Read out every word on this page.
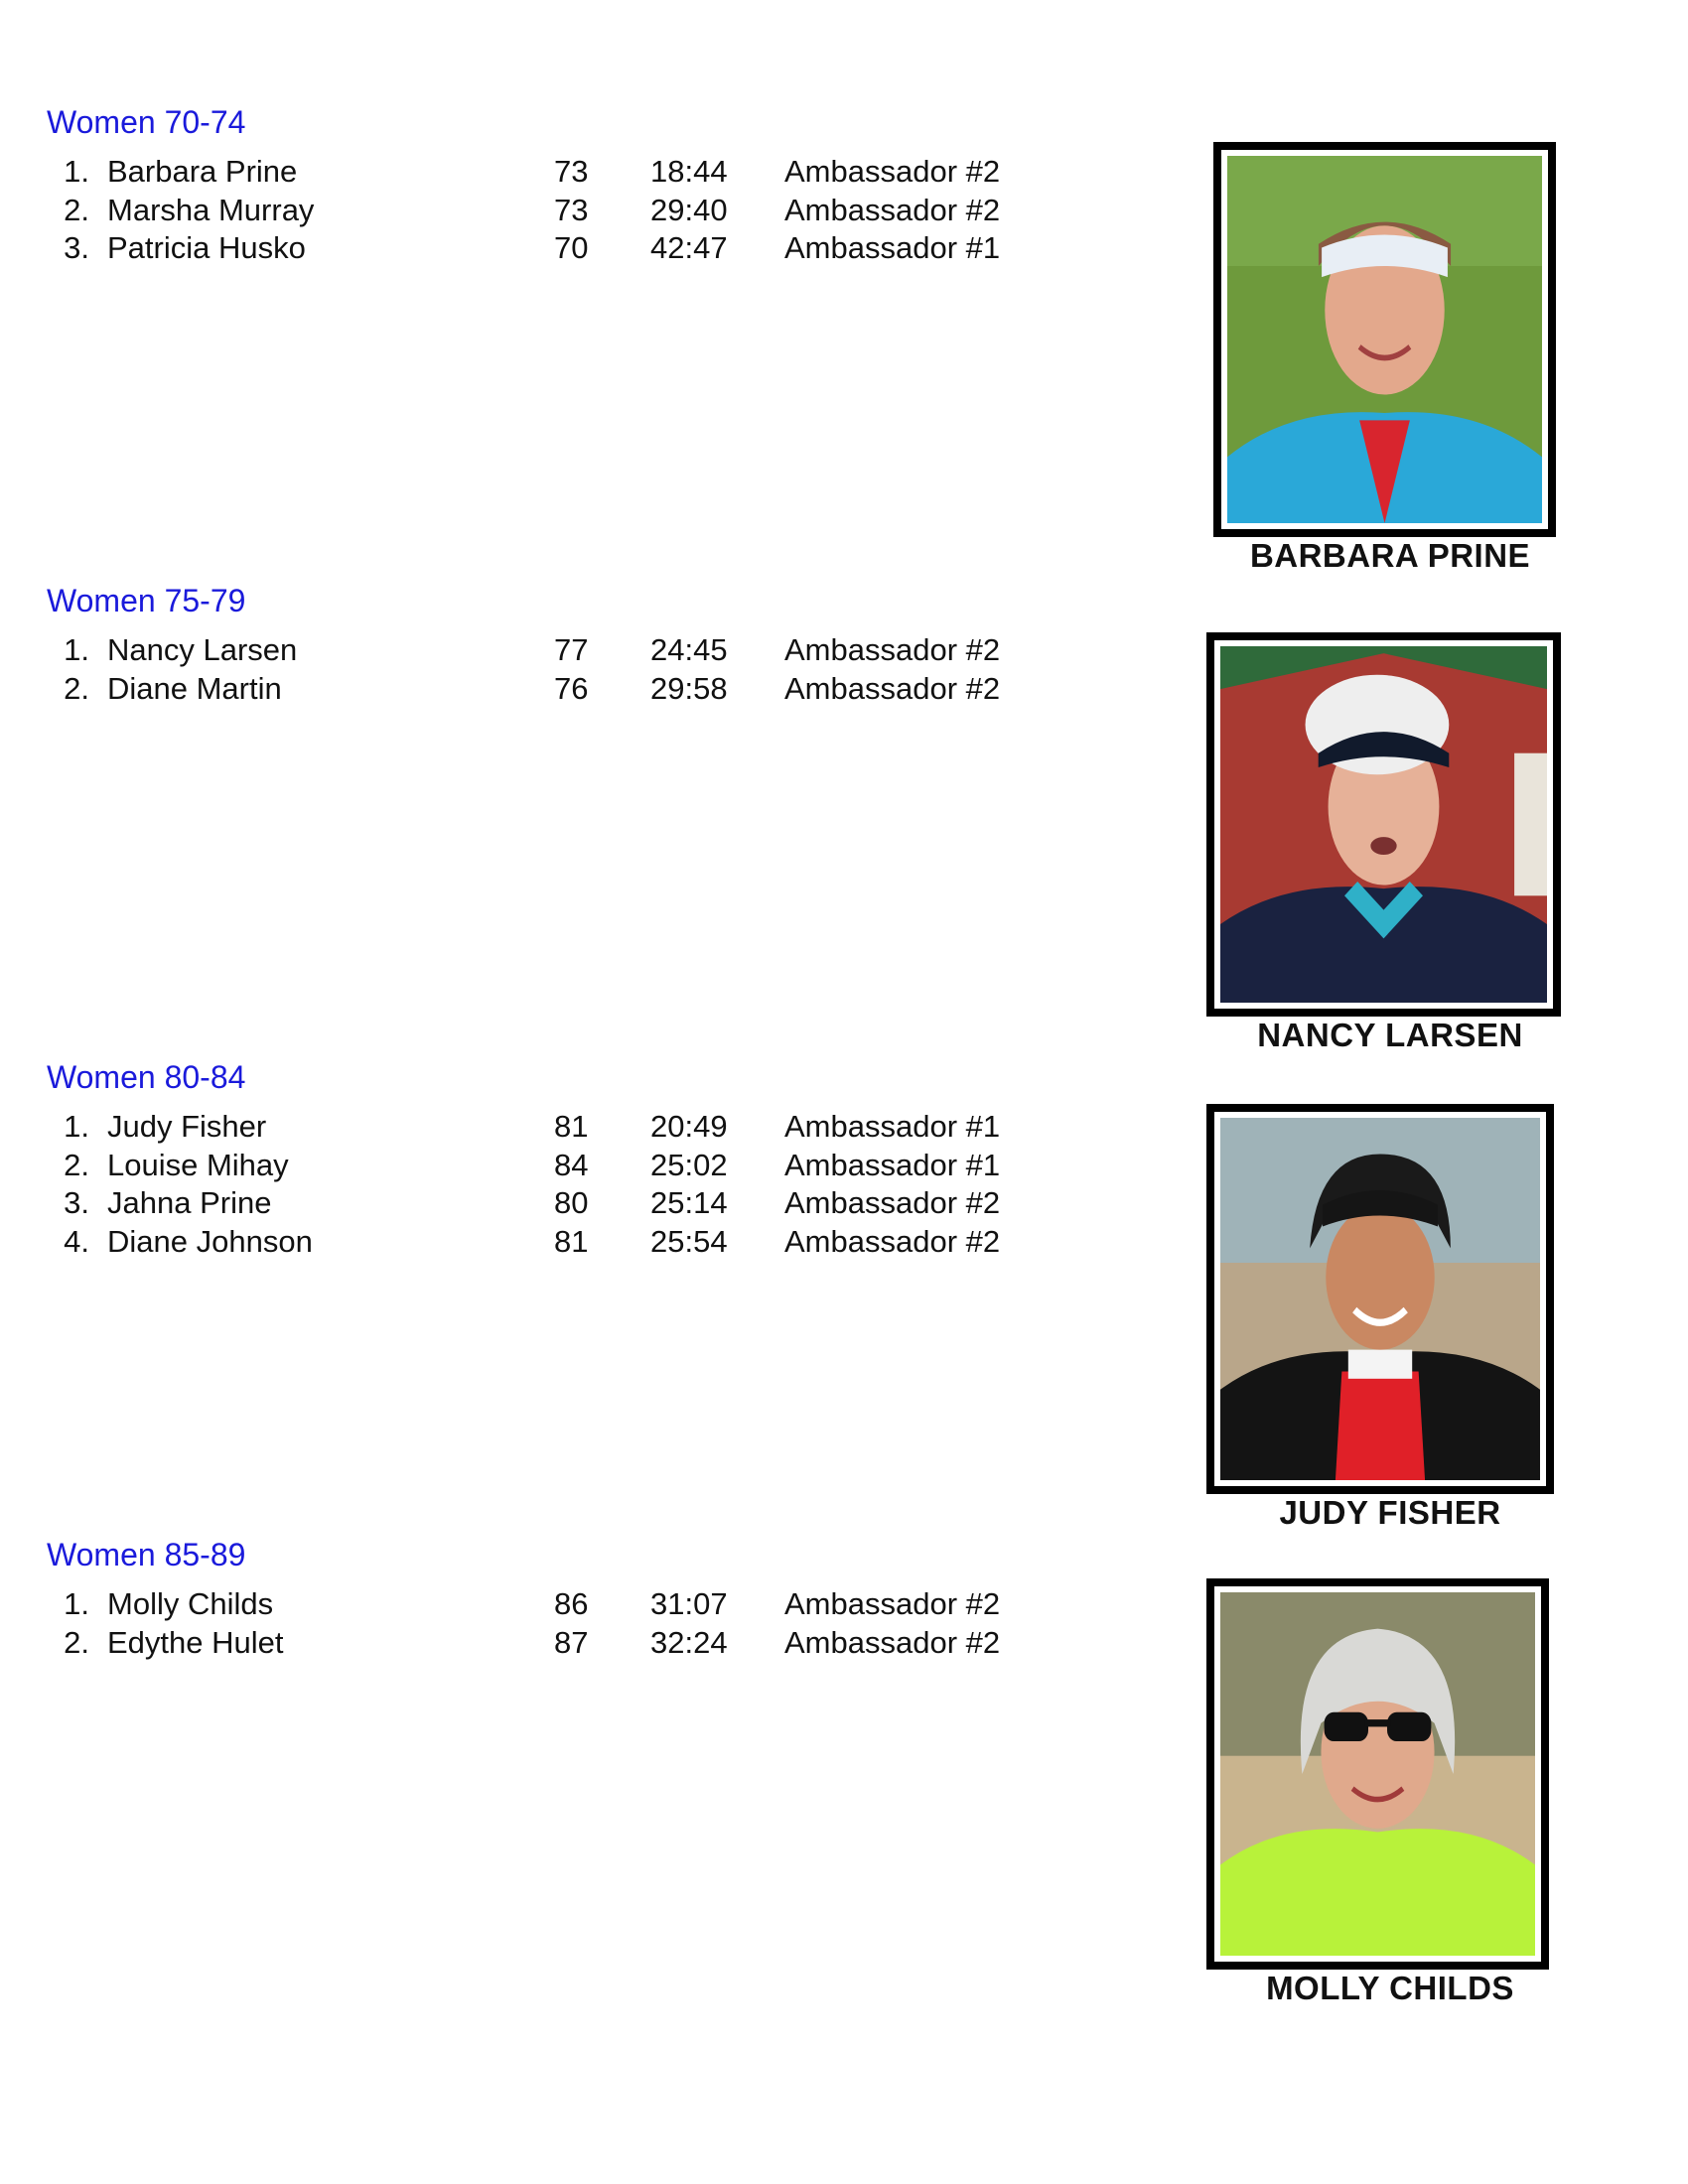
Women 70-74
1. Barbara Prine	73 18:44 Ambassador #2
2. Marsha Murray	73 29:40 Ambassador #2
3. Patricia Husko	70 42:47 Ambassador #1
BARBARA PRINE
Women 75-79
1. Nancy Larsen	77 24:45 Ambassador #2
2. Diane Martin	76 29:58 Ambassador #2
NANCY LARSEN
Women 80-84
1. Judy Fisher	81 20:49 Ambassador #1
2. Louise Mihay	84 25:02 Ambassador #1
3. Jahna Prine	80 25:14 Ambassador #2
4. Diane Johnson	81 25:54 Ambassador #2
JUDY FISHER
Women 85-89
1. Molly Childs	86 31:07 Ambassador #2
2. Edythe Hulet	87 32:24 Ambassador #2
MOLLY CHILDS
